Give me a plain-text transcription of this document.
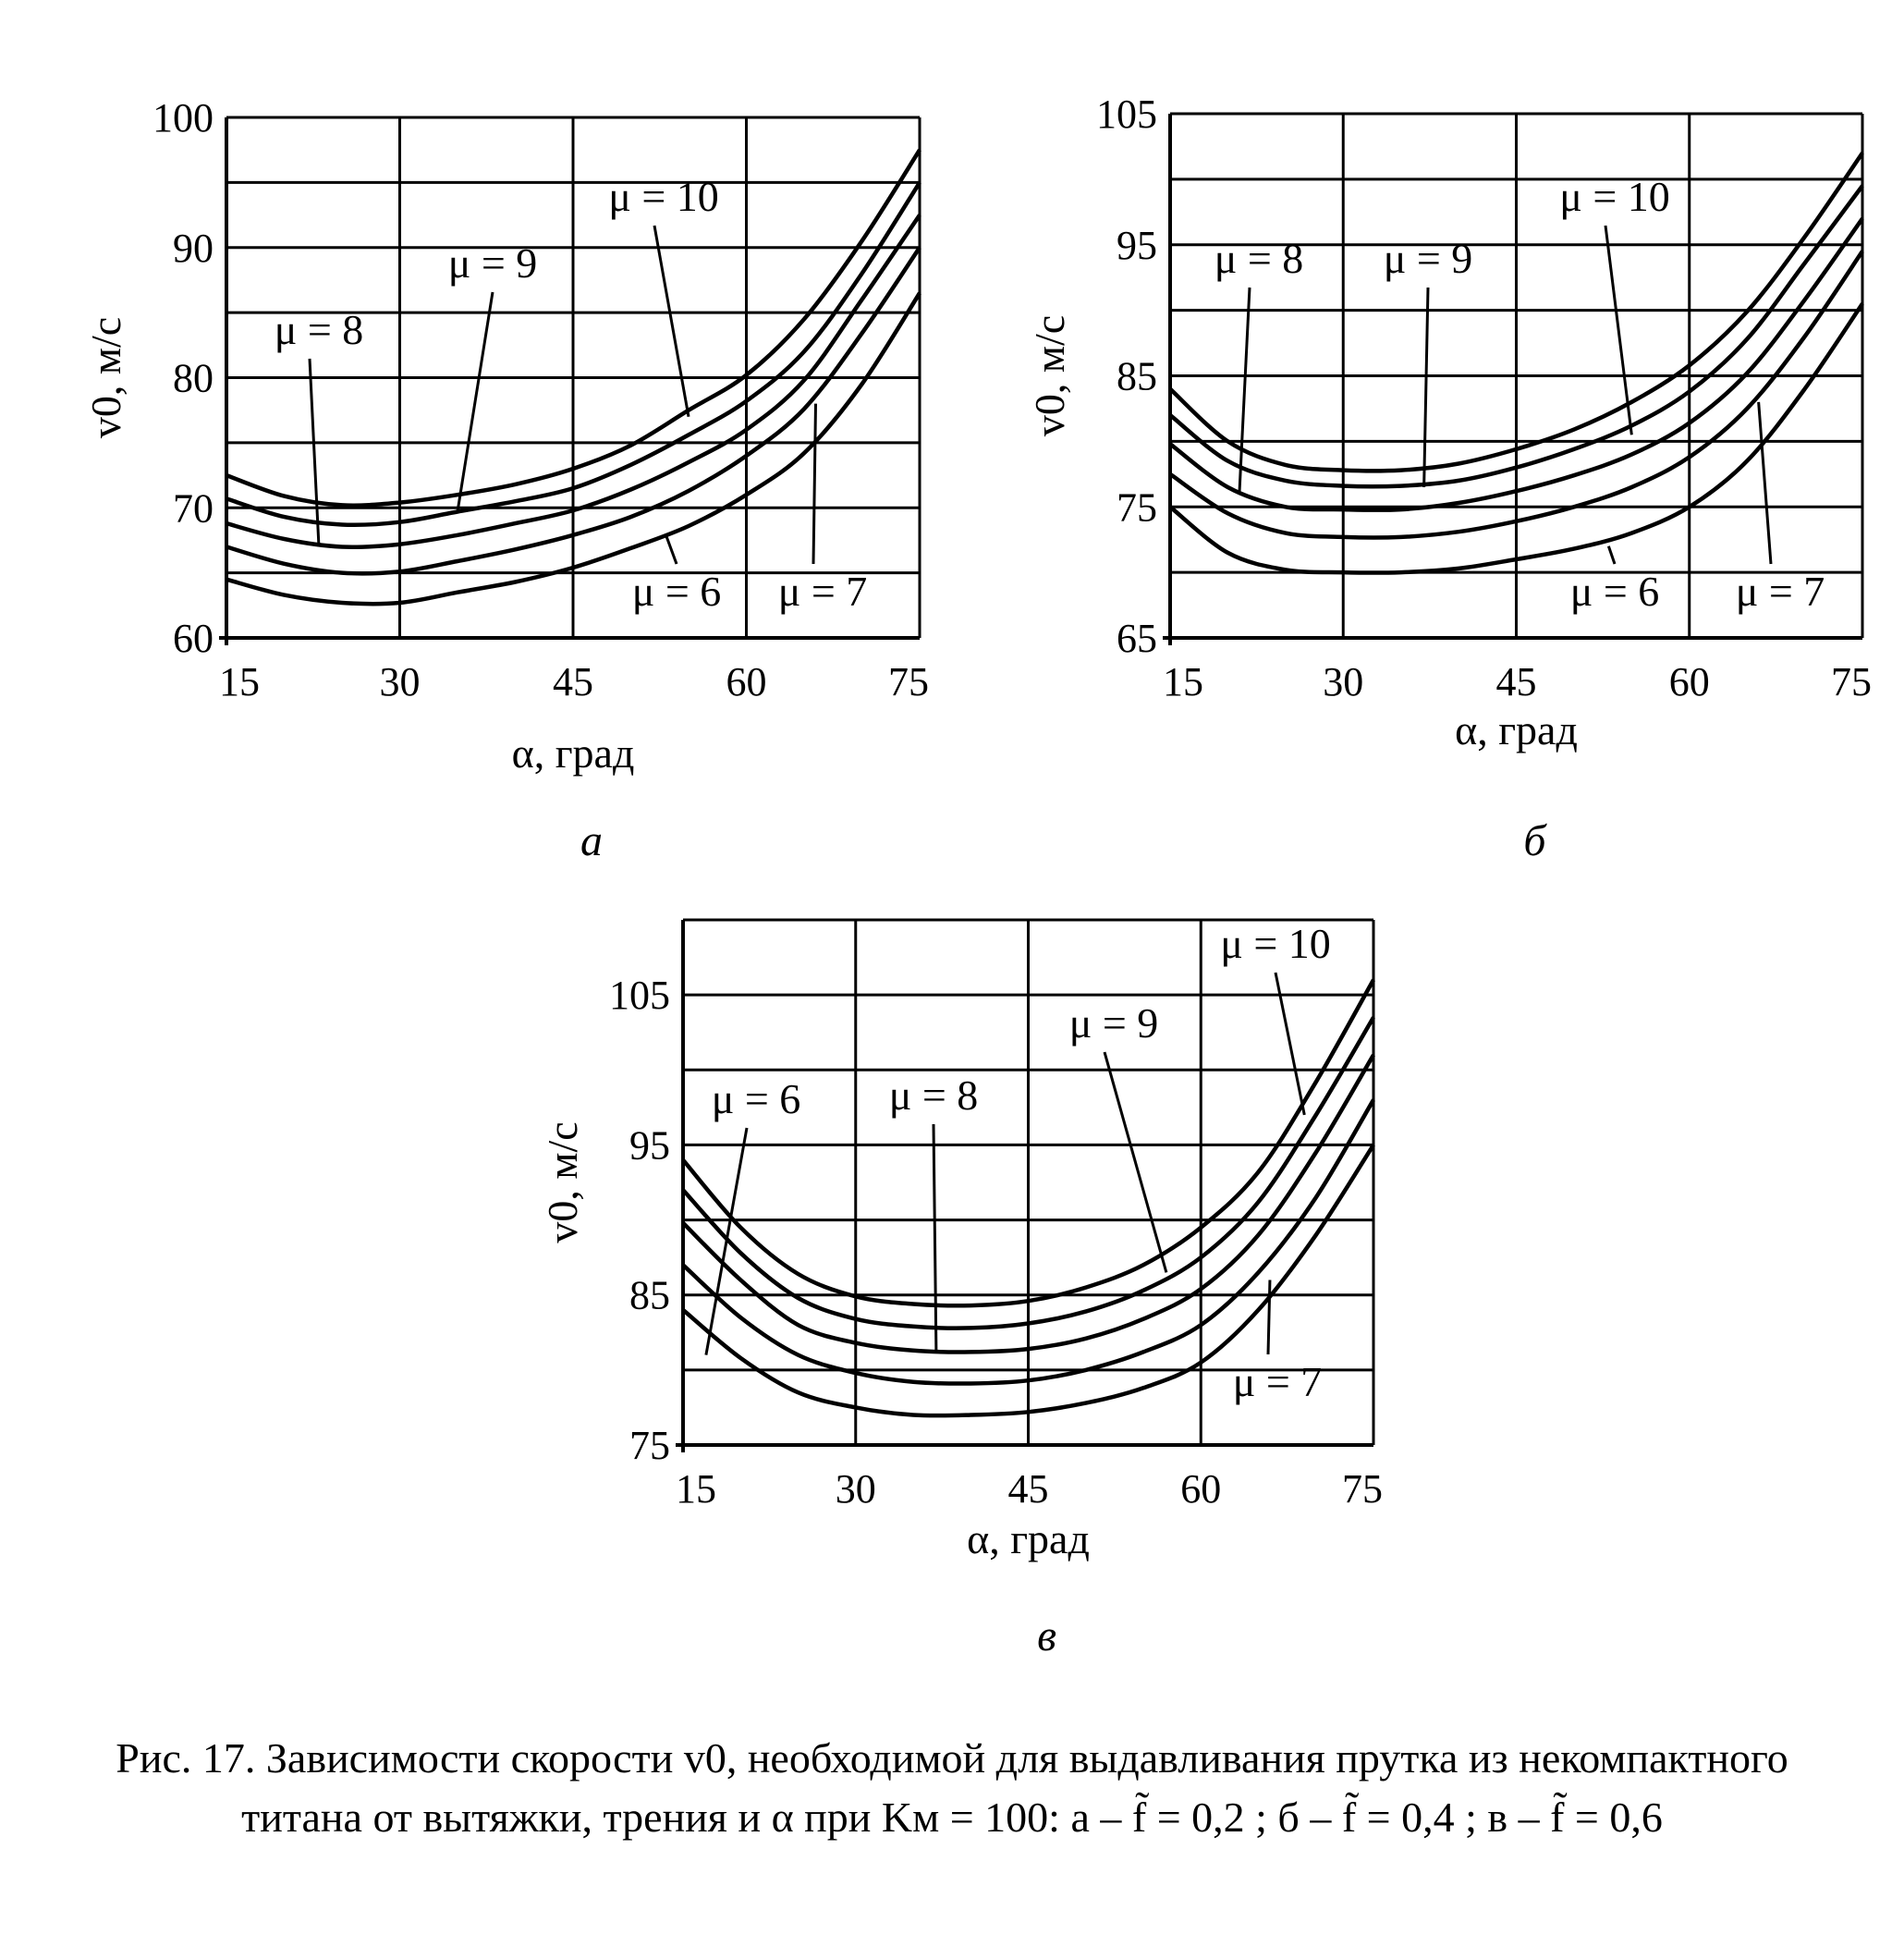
60
70
80
90
100
15	30	45	60	75
μ = 8
μ = 9
μ = 10
μ = 6 μ = 7
α, град
v0, м/с
а
65
75
85
95
105
15	30	45	60	75
μ = 8 μ = 9
μ = 10
μ = 6 μ = 7
α, град
v0, м/с
б
75
85
95
105
15	30	45	60	75
μ = 6 μ = 8
μ = 9
μ = 10
μ = 7
α, град
v0, м/с
в
Рис. 17. Зависимости скорости v0, необходимой для выдавливания прутка из некомпактного
титана от вытяжки, трения и α при Kм = 100: а – f̃ = 0,2 ; б – f̃ = 0,4 ; в – f̃ = 0,6
